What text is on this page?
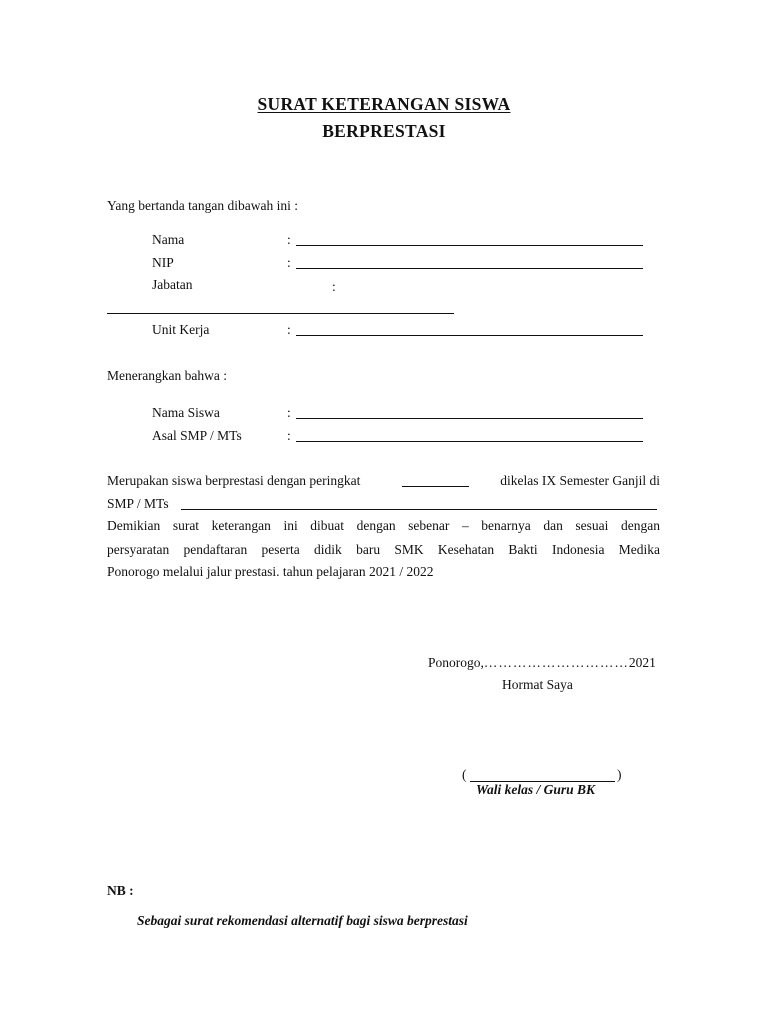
SURAT KETERANGAN SISWA
BERPRESTASI
Yang bertanda tangan dibawah ini :
Nama	:
NIP	:
Jabatan	:
Unit Kerja	:
Menerangkan bahwa :
Nama Siswa	:
Asal SMP / MTs	:
Merupakan siswa berprestasi dengan peringkat	dikelas IX Semester Ganjil di
SMP / MTs
Demikian surat keterangan ini dibuat dengan sebenar – benarnya dan sesuai dengan
persyaratan pendaftaran peserta didik baru SMK Kesehatan Bakti Indonesia Medika
Ponorogo melalui jalur prestasi. tahun pelajaran 2021 / 2022
Ponorogo,…………………………2021
Hormat Saya
(	)
Wali kelas / Guru BK
NB :
Sebagai surat rekomendasi alternatif bagi siswa berprestasi
